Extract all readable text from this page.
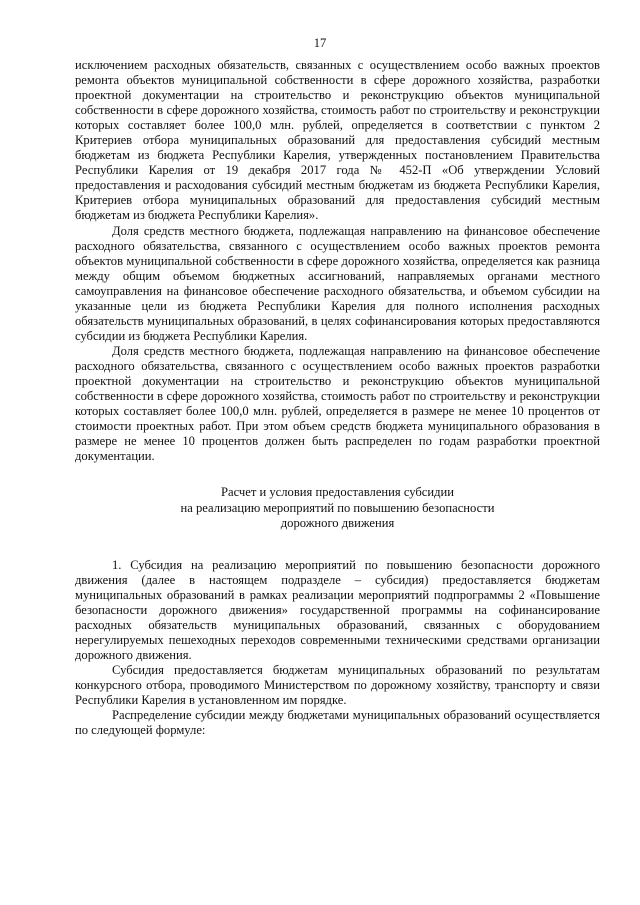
17

исключением расходных обязательств, связанных с осуществлением особо важных проектов ремонта объектов муниципальной собственности в сфере дорожного хозяйства, разработки проектной документации на строительство и реконструкцию объектов муниципальной собственности в сфере дорожного хозяйства, стоимость работ по строительству и реконструкции которых составляет более 100,0 млн. рублей, определяется в соответствии с пунктом 2 Критериев отбора муниципальных образований для предоставления субсидий местным бюджетам из бюджета Республики Карелия, утвержденных постановлением Правительства Республики Карелия от 19 декабря 2017 года № 452-П «Об утверждении Условий предоставления и расходования субсидий местным бюджетам из бюджета Республики Карелия, Критериев отбора муниципальных образований для предоставления субсидий местным бюджетам из бюджета Республики Карелия».

Доля средств местного бюджета, подлежащая направлению на финансовое обеспечение расходного обязательства, связанного с осуществлением особо важных проектов ремонта объектов муниципальной собственности в сфере дорожного хозяйства, определяется как разница между общим объемом бюджетных ассигнований, направляемых органами местного самоуправления на финансовое обеспечение расходного обязательства, и объемом субсидии на указанные цели из бюджета Республики Карелия для полного исполнения расходных обязательств муниципальных образований, в целях софинансирования которых предоставляются субсидии из бюджета Республики Карелия.

Доля средств местного бюджета, подлежащая направлению на финансовое обеспечение расходного обязательства, связанного с осуществлением особо важных проектов разработки проектной документации на строительство и реконструкцию объектов муниципальной собственности в сфере дорожного хозяйства, стоимость работ по строительству и реконструкции которых составляет более 100,0 млн. рублей, определяется в размере не менее 10 процентов от стоимости проектных работ. При этом объем средств бюджета муниципального образования в размере не менее 10 процентов должен быть распределен по годам разработки проектной документации.

Расчет и условия предоставления субсидии
на реализацию мероприятий по повышению безопасности
дорожного движения

1. Субсидия на реализацию мероприятий по повышению безопасности дорожного движения (далее в настоящем подразделе – субсидия) предоставляется бюджетам муниципальных образований в рамках реализации мероприятий подпрограммы 2 «Повышение безопасности дорожного движения» государственной программы на софинансирование расходных обязательств муниципальных образований, связанных с оборудованием нерегулируемых пешеходных переходов современными техническими средствами организации дорожного движения.

Субсидия предоставляется бюджетам муниципальных образований по результатам конкурсного отбора, проводимого Министерством по дорожному хозяйству, транспорту и связи Республики Карелия в установленном им порядке.

Распределение субсидии между бюджетами муниципальных образований осуществляется по следующей формуле:
